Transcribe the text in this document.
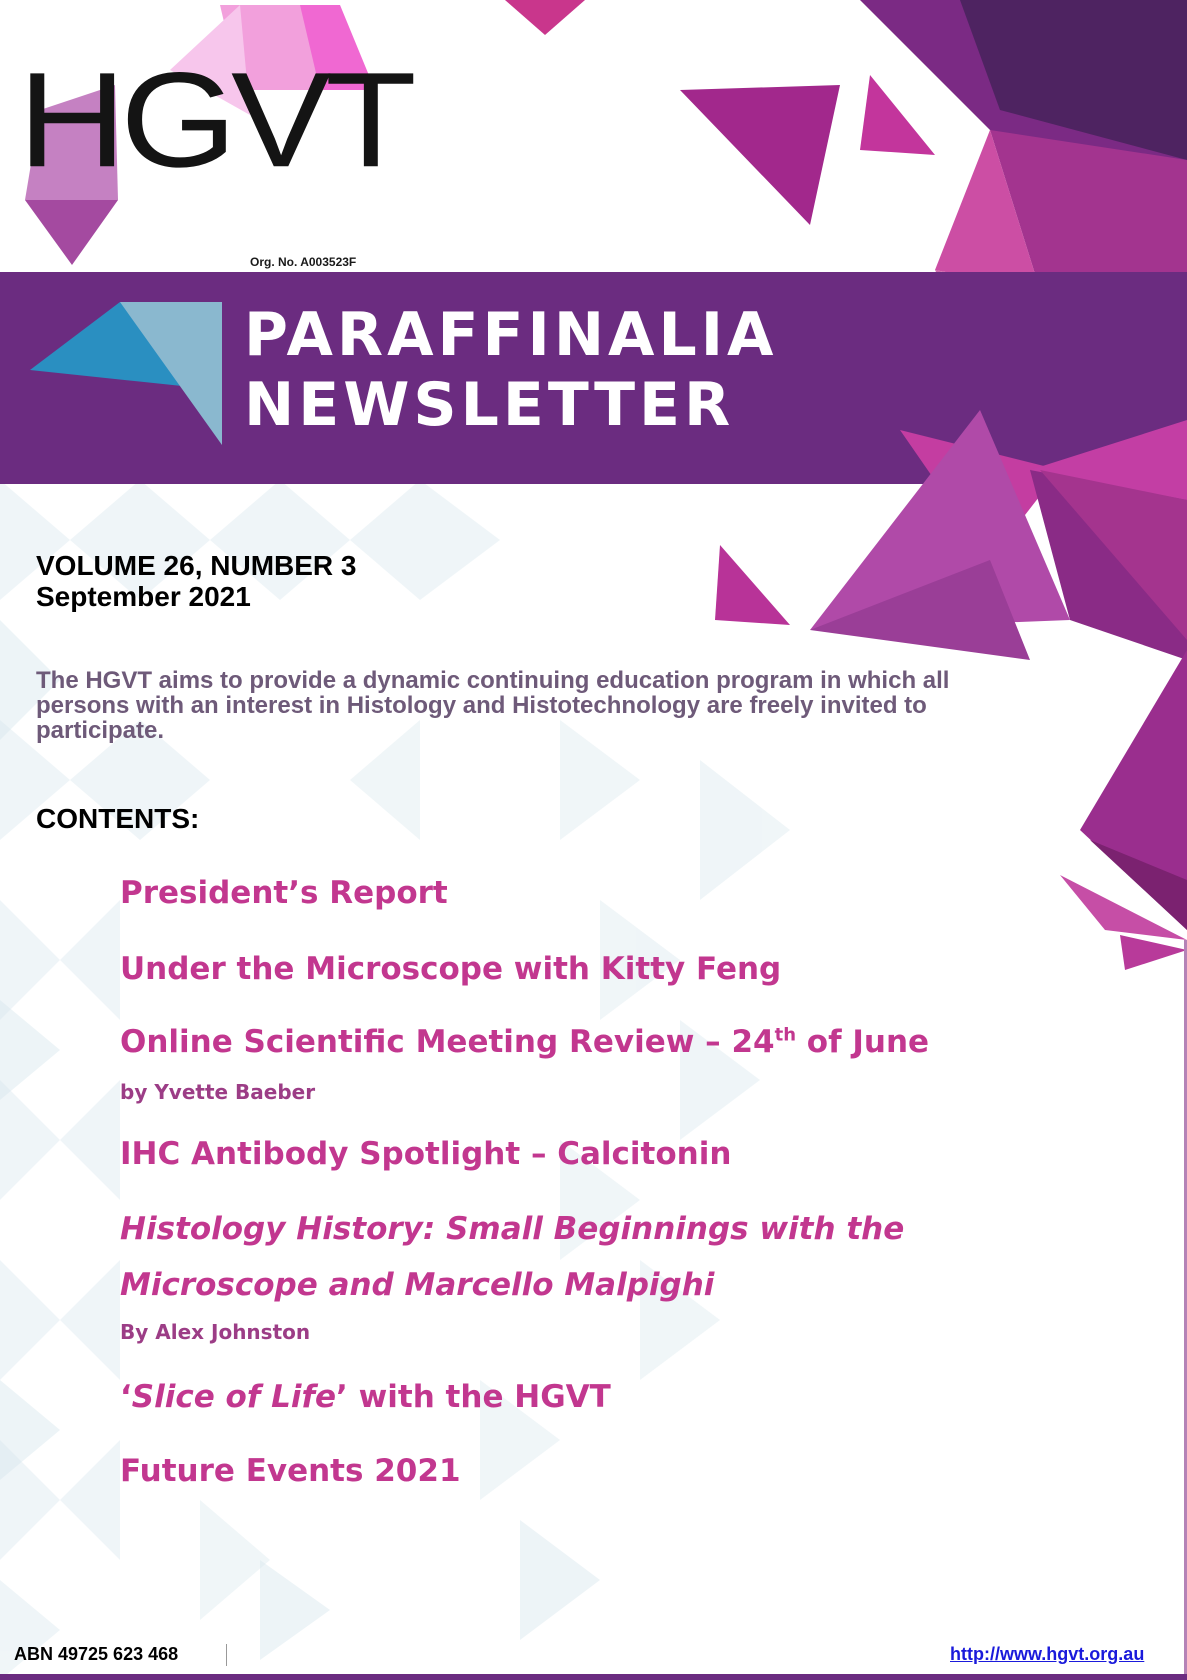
HGVT
Org. No. A003523F
PARAFFINALIA
NEWSLETTER
VOLUME 26, NUMBER 3
September 2021

The HGVT aims to provide a dynamic continuing education program in which all persons with an interest in Histology and Histotechnology are freely invited to participate.

CONTENTS:
President’s Report
Under the Microscope with Kitty Feng
Online Scientific Meeting Review – 24th of June
by Yvette Baeber
IHC Antibody Spotlight – Calcitonin
Histology History: Small Beginnings with the
Microscope and Marcello Malpighi
By Alex Johnston
‘Slice of Life’ with the HGVT
Future Events 2021
ABN 49725 623 468	http://www.hgvt.org.au
